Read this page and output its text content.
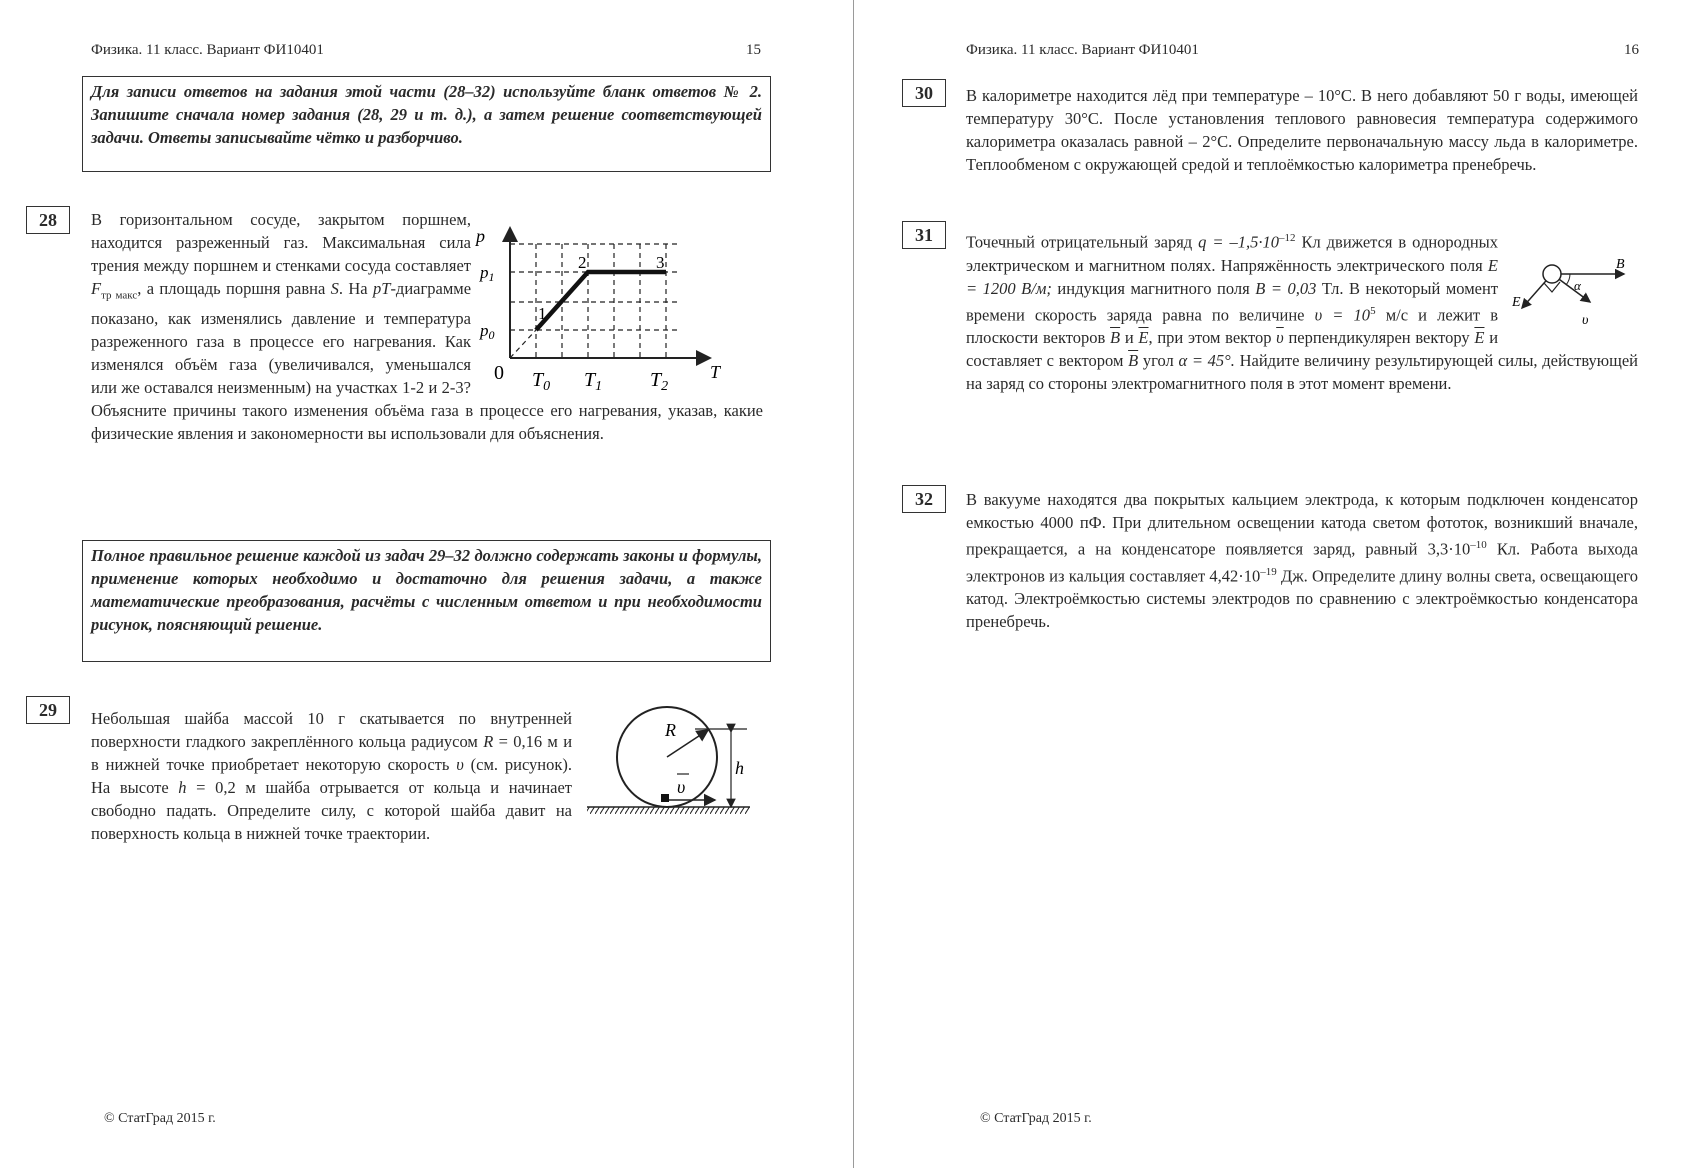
Физика. 11 класс. Вариант ФИ10401	15
Для записи ответов на задания этой части (28–32) используйте бланк ответов № 2. Запишите сначала номер задания (28, 29 и т. д.), а затем решение соответствующей задачи. Ответы записывайте чётко и разборчиво.
28	В горизонтальном сосуде, закрытом поршнем, находится разреженный газ. Максимальная сила трения между поршнем и стенками сосуда составляет $F_{тр макс}$, а площадь поршня равна S. На pT-диаграмме показано, как изменялись давление и температура разреженного газа в процессе его нагревания. Как изменялся объём газа (увеличивался, уменьшался или же оставался неизменным) на участках 1-2 и 2-3? Объясните причины такого изменения объёма газа в процессе его нагревания, указав, какие физические явления и закономерности вы использовали для объяснения.
1
2	3
p
T
0
p1
p0
$T_0$ $T_1$ $T_2$
Полное правильное решение каждой из задач 29–32 должно содержать законы и формулы, применение которых необходимо и достаточно для решения задачи, а также математические преобразования, расчёты с численным ответом и при необходимости рисунок, поясняющий решение.
29	Небольшая шайба массой 10 г скатывается по внутренней поверхности гладкого закреплённого кольца радиусом R = 0,16 м и в нижней точке приобретает некоторую скорость υ (см. рисунок). На высоте h = 0,2 м шайба отрывается от кольца и начинает свободно падать. Определите силу, с которой шайба давит на поверхность кольца в нижней точке траектории.
R
υ
h
© СтатГрад 2015 г.
Физика. 11 класс. Вариант ФИ10401	16
30	В калориметре находится лёд при температуре – 10°С. В него добавляют 50 г воды, имеющей температуру 30°С. После установления теплового равновесия температура содержимого калориметра оказалась равной – 2°С. Определите первоначальную массу льда в калориметре. Теплообменом с окружающей средой и теплоёмкостью калориметра пренебречь.
31	Точечный отрицательный заряд $q = -1,5\cdot 10^{-12}$ Кл движется в однородных электрическом и магнитном полях. Напряжённость электрического поля E = 1200 В/м; индукция магнитного поля B = 0,03 Тл. В некоторый момент времени скорость заряда равна по величине $\upsilon = 10^5$ м/с и лежит в плоскости векторов $\overline{B}$ и $\overline{E}$, при этом вектор $\overline{\upsilon}$ перпендикулярен вектору $\overline{E}$ и составляет с вектором $\overline{B}$ угол α = 45°. Найдите величину результирующей силы, действующей на заряд со стороны электромагнитного поля в этот момент времени.
B
E
υ
α
32	В вакууме находятся два покрытых кальцием электрода, к которым подключен конденсатор емкостью 4000 пФ. При длительном освещении катода светом фототок, возникший вначале, прекращается, а на конденсаторе появляется заряд, равный $3,3\cdot 10^{-10}$ Кл. Работа выхода электронов из кальция составляет $4,42\cdot 10^{-19}$ Дж. Определите длину волны света, освещающего катод. Электроёмкостью системы электродов по сравнению с электроёмкостью конденсатора пренебречь.
© СтатГрад 2015 г.
